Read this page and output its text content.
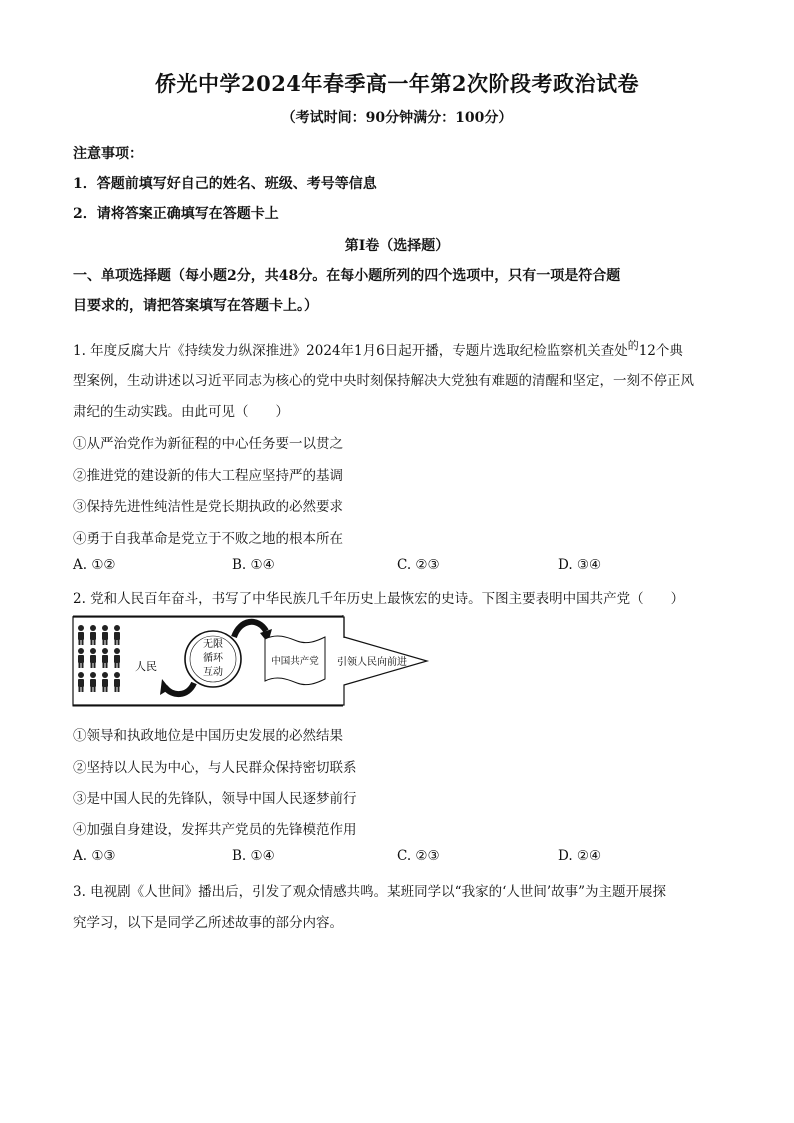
侨光中学2024年春季高一年第2次阶段考政治试卷
（考试时间：90分钟满分：100分）
注意事项：
1．答题前填写好自己的姓名、班级、考号等信息
2．请将答案正确填写在答题卡上
第Ⅰ卷（选择题）
一、单项选择题（每小题2分，共48分。在每小题所列的四个选项中，只有一项是符合题
目要求的，请把答案填写在答题卡上。）
1. 年度反腐大片《持续发力纵深推进》2024年1月6日起开播，专题片选取纪检监察机关查处$^的$12个典
型案例，生动讲述以习近平同志为核心的党中央时刻保持解决大党独有难题的清醒和坚定，一刻不停正风
肃纪的生动实践。由此可见（　　）
①从严治党作为新征程的中心任务要一以贯之
②推进党的建设新的伟大工程应坚持严的基调
③保持先进性纯洁性是党长期执政的必然要求
④勇于自我革命是党立于不败之地的根本所在
A. ①②	B. ①④	C. ②③	D. ③④
2. 党和人民百年奋斗，书写了中华民族几千年历史上最恢宏的史诗。下图主要表明中国共产党（　　）
人民
无限
循环
互动
中国共产党 引领人民向前进
①领导和执政地位是中国历史发展的必然结果
②坚持以人民为中心，与人民群众保持密切联系
③是中国人民的先锋队，领导中国人民逐梦前行
④加强自身建设，发挥共产党员的先锋模范作用
A. ①③	B. ①④	C. ②③	D. ②④
3. 电视剧《人世间》播出后，引发了观众情感共鸣。某班同学以“我家的‘人世间’故事”为主题开展探
究学习，以下是同学乙所述故事的部分内容。
